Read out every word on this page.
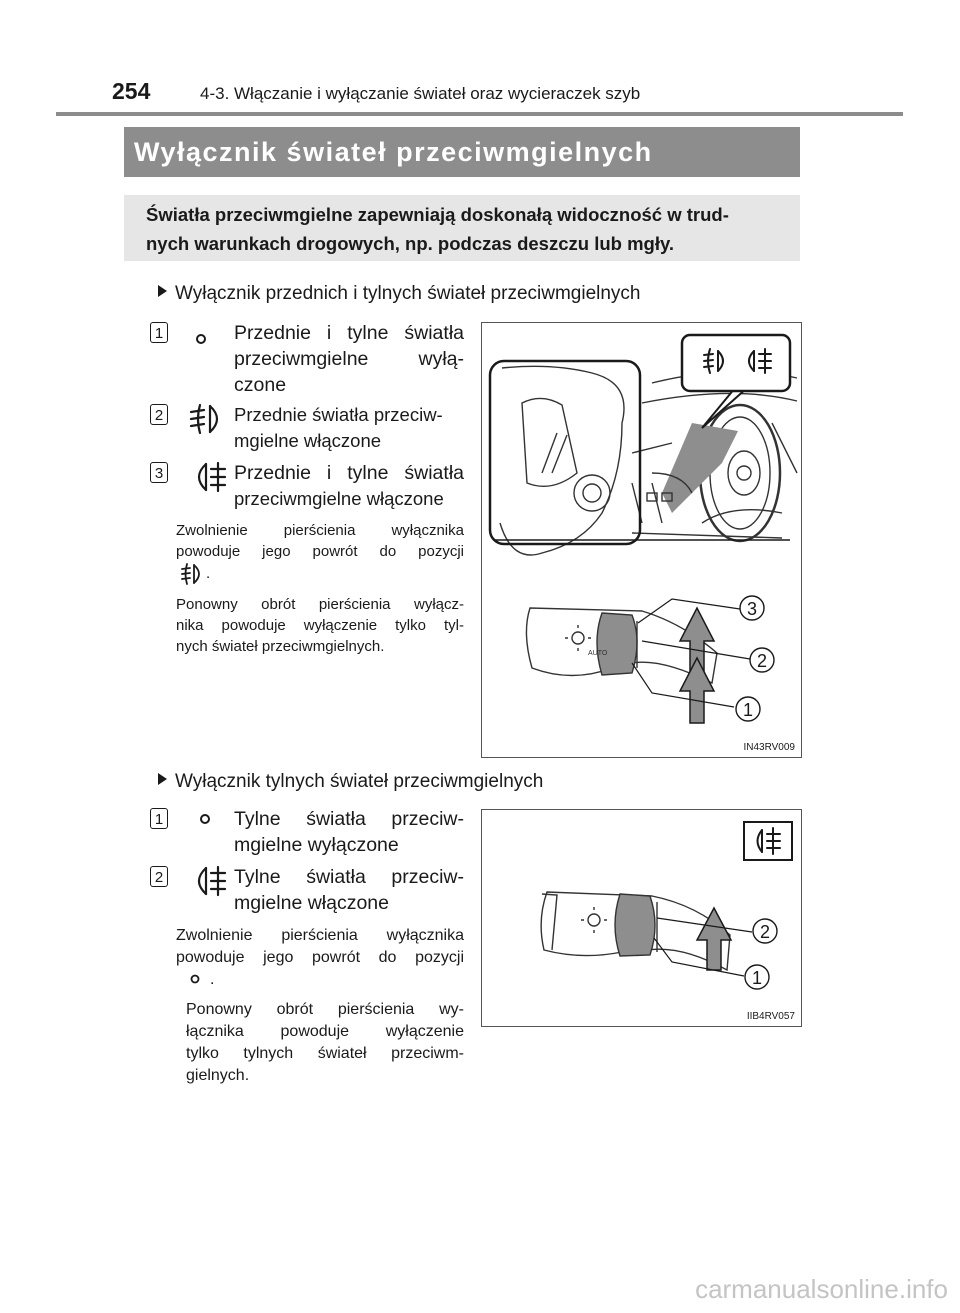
254	4-3. Włączanie i wyłączanie świateł oraz wycieraczek szyb
Wyłącznik świateł przeciwmgielnych
Światła przeciwmgielne zapewniają doskonałą widoczność w trud-
nych warunkach drogowych, np. podczas deszczu lub mgły.
Wyłącznik przednich i tylnych świateł przeciwmgielnych
1	Przednie i tylne światła
przeciwmgielne wyłą-
czone
2	Przednie światła przeciw-
mgielne włączone
3	Przednie i tylne światła
przeciwmgielne włączone
Zwolnienie pierścienia wyłącznika
powoduje jego powrót do pozycji
.
Ponowny obrót pierścienia wyłącz-
nika powoduje wyłączenie tylko tyl-
nych świateł przeciwmgielnych.	AUTO
3
2
1
IN43RV009
Wyłącznik tylnych świateł przeciwmgielnych
1	Tylne światła przeciw-
mgielne wyłączone
2	Tylne światła przeciw-
mgielne włączone
Zwolnienie pierścienia wyłącznika
powoduje jego powrót do pozycji
.
Ponowny obrót pierścienia wy-
łącznika powoduje wyłączenie
tylko tylnych świateł przeciwm-
gielnych.
2
1
IIB4RV057
carmanualsonline.info
